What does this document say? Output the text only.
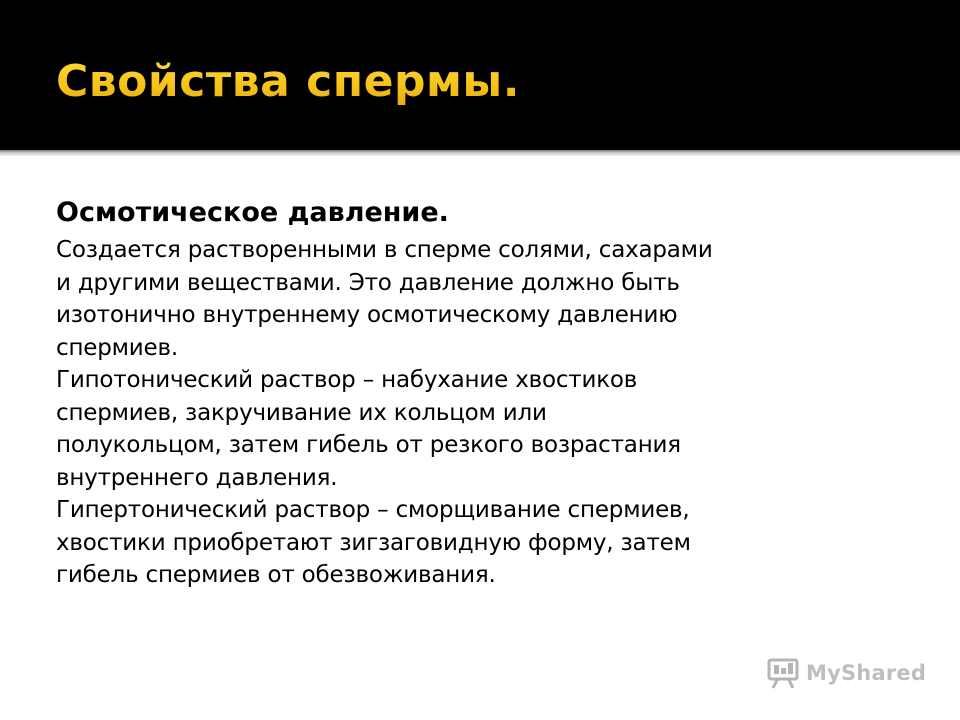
Свойства спермы.
Осмотическое давление.
Создается растворенными в сперме солями, сахарами
и другими веществами. Это давление должно быть
изотонично внутреннему осмотическому давлению
спермиев.
Гипотонический раствор – набухание хвостиков
спермиев, закручивание их кольцом или
полукольцом, затем гибель от резкого возрастания
внутреннего давления.
Гипертонический раствор – сморщивание спермиев,
хвостики приобретают зигзаговидную форму, затем
гибель спермиев от обезвоживания.
MyShared
